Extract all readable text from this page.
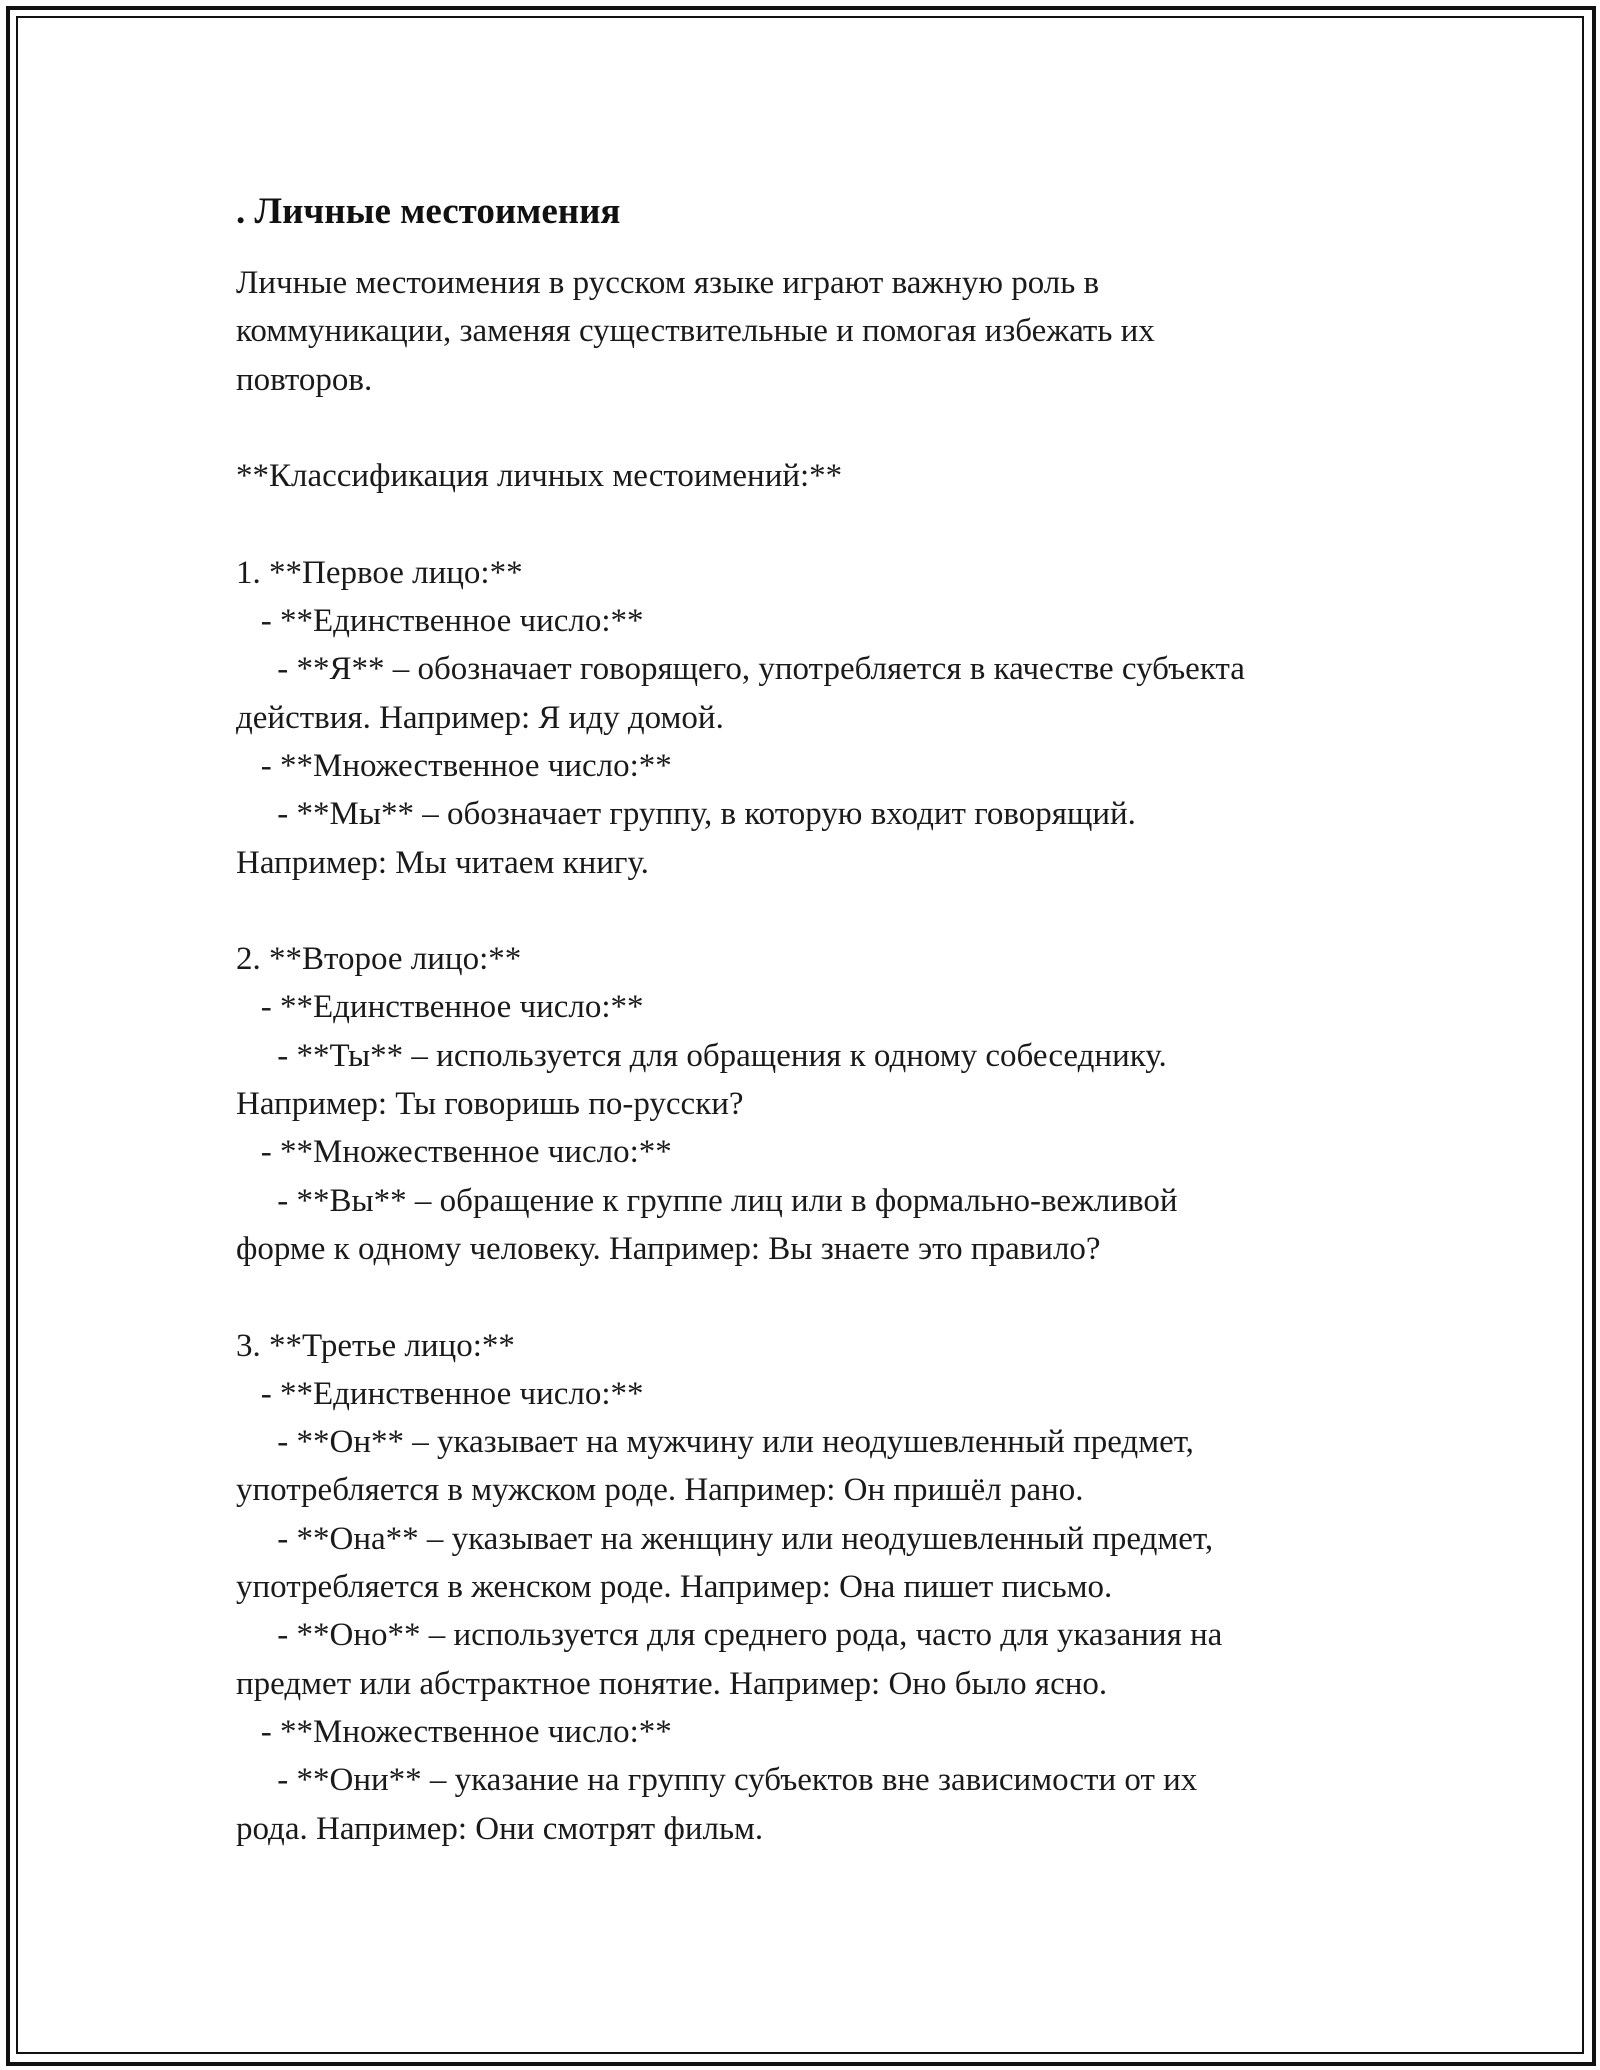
. Личные местоимения
Личные местоимения в русском языке играют важную роль в
коммуникации, заменяя существительные и помогая избежать их
повторов.
**Классификация личных местоимений:**
1. **Первое лицо:**
- **Единственное число:**
- **Я** – обозначает говорящего, употребляется в качестве субъекта
действия. Например: Я иду домой.
- **Множественное число:**
- **Мы** – обозначает группу, в которую входит говорящий.
Например: Мы читаем книгу.
2. **Второе лицо:**
- **Единственное число:**
- **Ты** – используется для обращения к одному собеседнику.
Например: Ты говоришь по-русски?
- **Множественное число:**
- **Вы** – обращение к группе лиц или в формально-вежливой
форме к одному человеку. Например: Вы знаете это правило?
3. **Третье лицо:**
- **Единственное число:**
- **Он** – указывает на мужчину или неодушевленный предмет,
употребляется в мужском роде. Например: Он пришёл рано.
- **Она** – указывает на женщину или неодушевленный предмет,
употребляется в женском роде. Например: Она пишет письмо.
- **Оно** – используется для среднего рода, часто для указания на
предмет или абстрактное понятие. Например: Оно было ясно.
- **Множественное число:**
- **Они** – указание на группу субъектов вне зависимости от их
рода. Например: Они смотрят фильм.
